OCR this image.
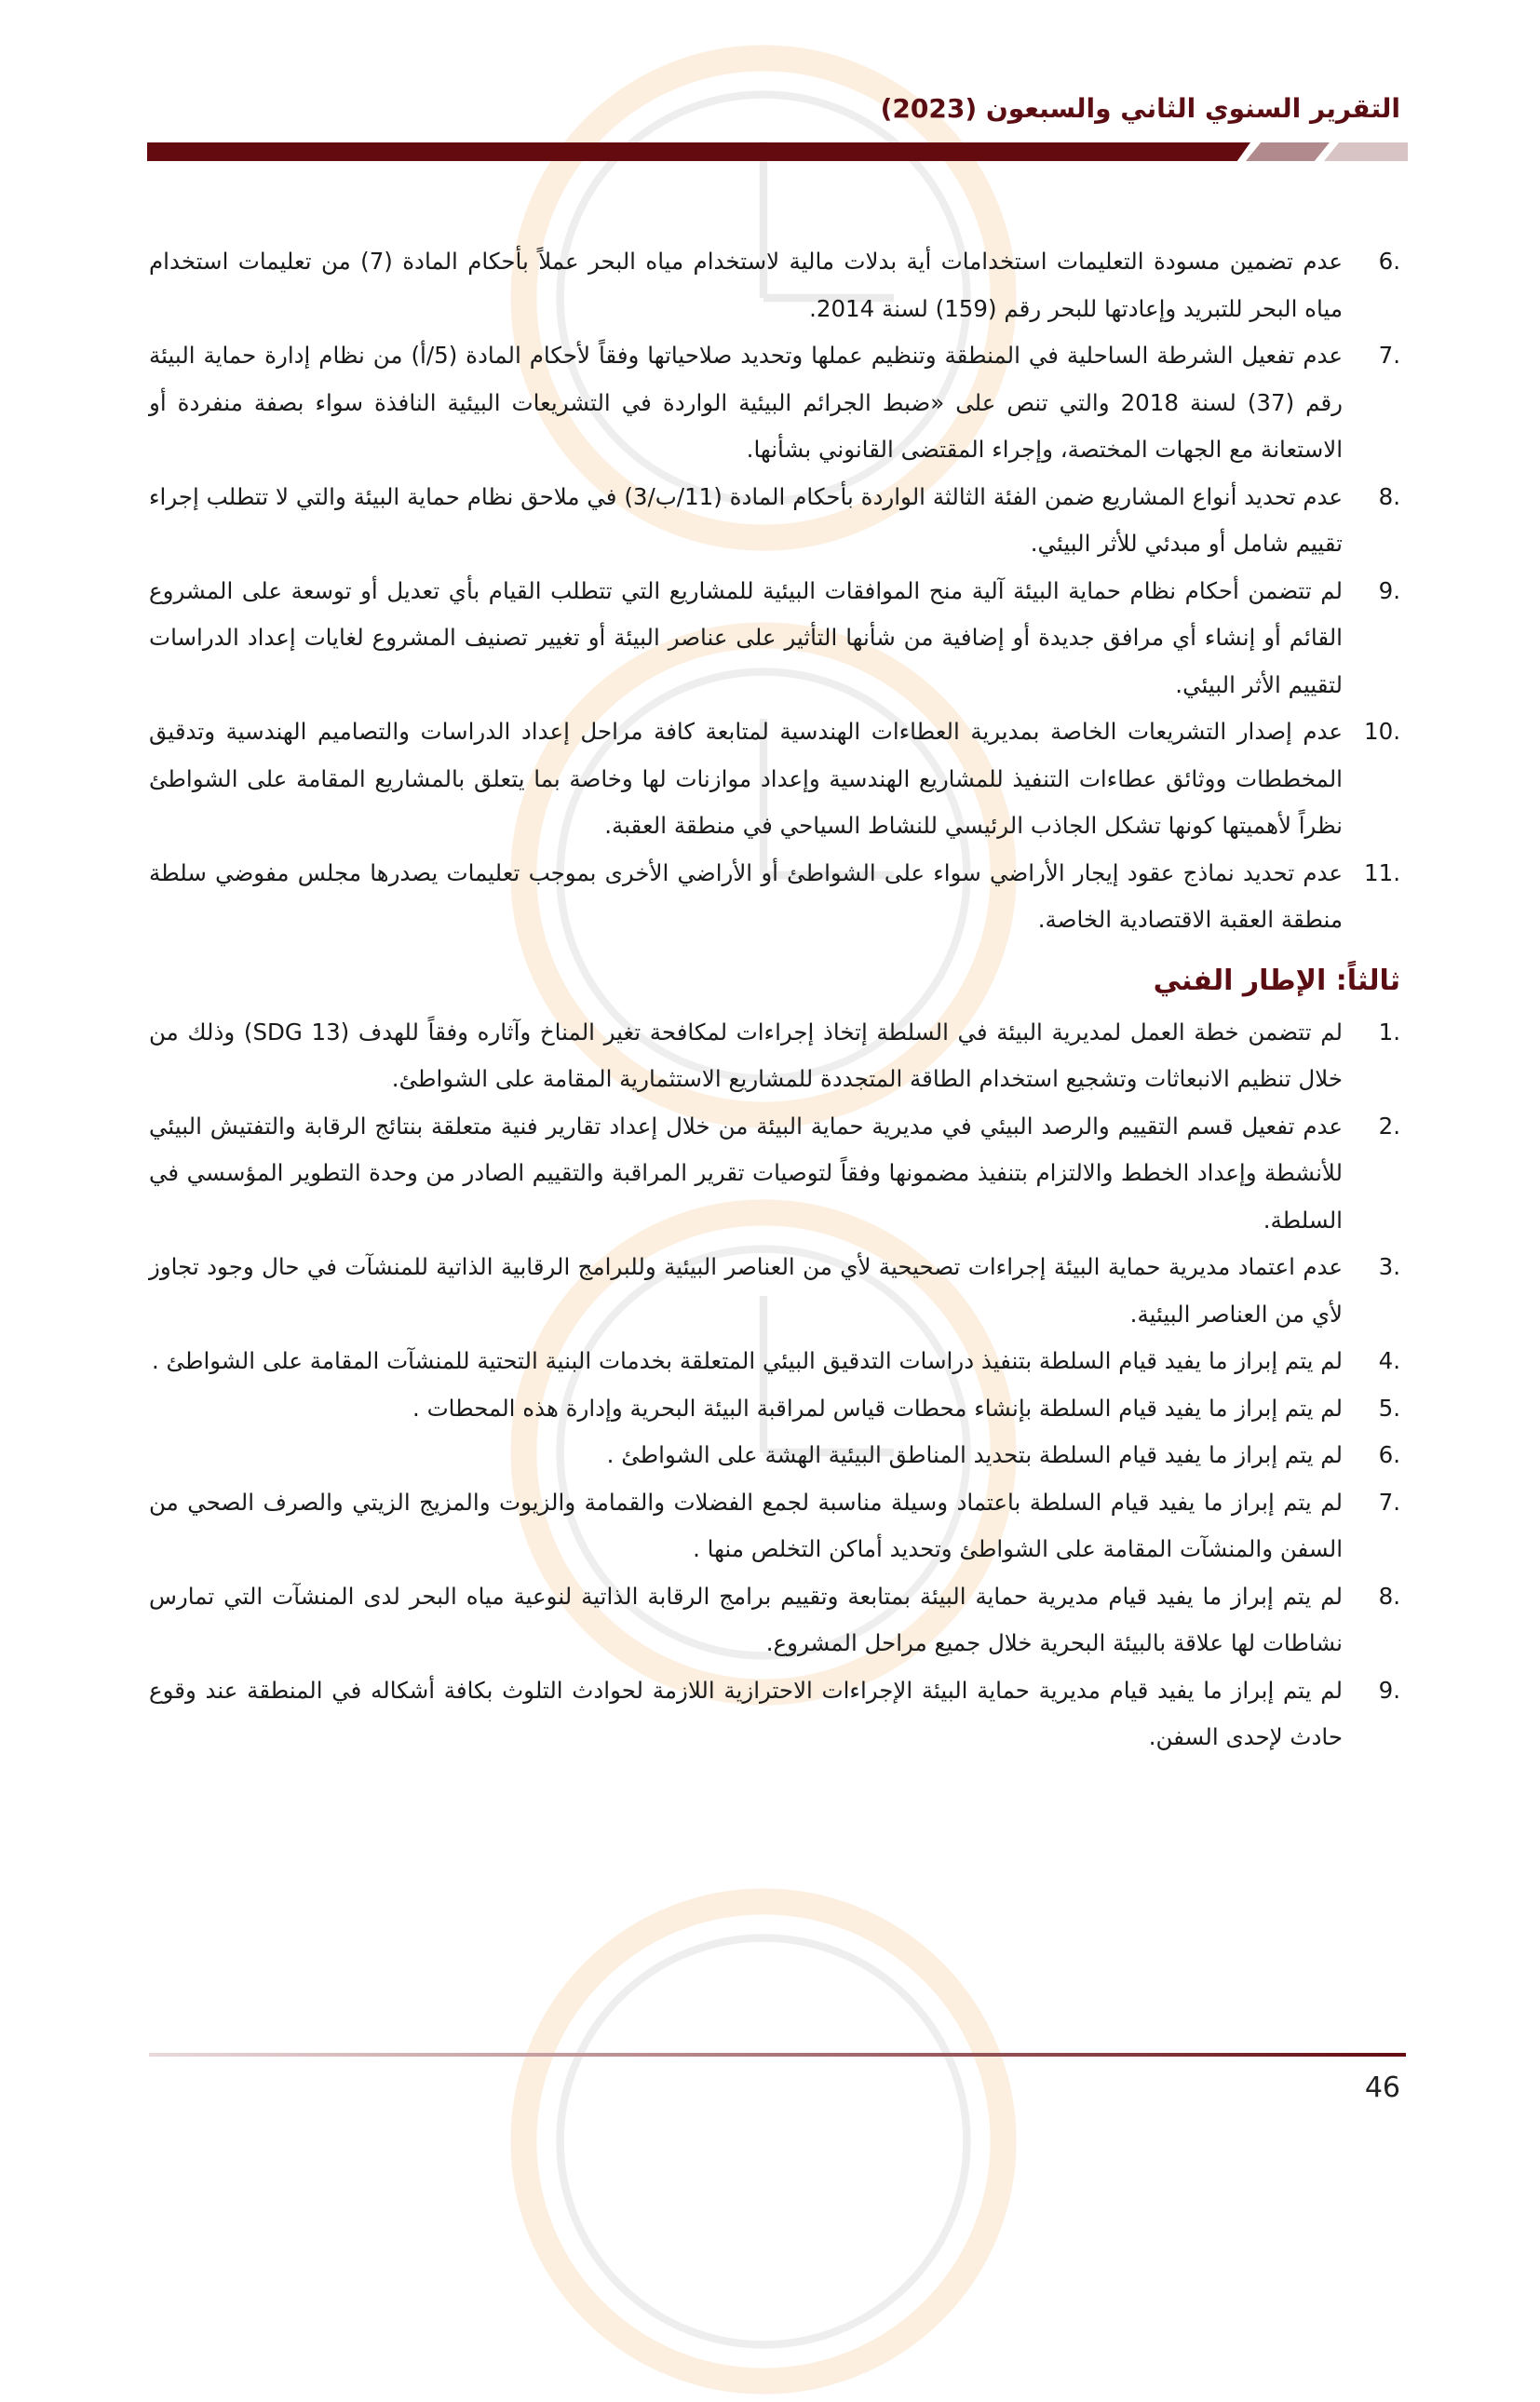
التقرير السنوي الثاني والسبعون (2023)
6.
عدم تضمين مسودة التعليمات استخدامات أية بدلات مالية لاستخدام مياه البحر عملاً بأحكام المادة (7) من تعليمات استخدام مياه البحر للتبريد وإعادتها للبحر رقم (159) لسنة 2014.
7.
عدم تفعيل الشرطة الساحلية في المنطقة وتنظيم عملها وتحديد صلاحياتها وفقاً لأحكام المادة (5/أ) من نظام إدارة حماية البيئة رقم (37) لسنة 2018 والتي تنص على «ضبط الجرائم البيئية الواردة في التشريعات البيئية النافذة سواء بصفة منفردة أو الاستعانة مع الجهات المختصة، وإجراء المقتضى القانوني بشأنها.
8.
عدم تحديد أنواع المشاريع ضمن الفئة الثالثة الواردة بأحكام المادة (11/ب/3) في ملاحق نظام حماية البيئة والتي لا تتطلب إجراء تقييم شامل أو مبدئي للأثر البيئي.
9.
لم تتضمن أحكام نظام حماية البيئة آلية منح الموافقات البيئية للمشاريع التي تتطلب القيام بأي تعديل أو توسعة على المشروع القائم أو إنشاء أي مرافق جديدة أو إضافية من شأنها التأثير على عناصر البيئة أو تغيير تصنيف المشروع لغايات إعداد الدراسات لتقييم الأثر البيئي.
10.
عدم إصدار التشريعات الخاصة بمديرية العطاءات الهندسية لمتابعة كافة مراحل إعداد الدراسات والتصاميم الهندسية وتدقيق المخططات ووثائق عطاءات التنفيذ للمشاريع الهندسية وإعداد موازنات لها وخاصة بما يتعلق بالمشاريع المقامة على الشواطئ نظراً لأهميتها كونها تشكل الجاذب الرئيسي للنشاط السياحي في منطقة العقبة.
11.
عدم تحديد نماذج عقود إيجار الأراضي سواء على الشواطئ أو الأراضي الأخرى بموجب تعليمات يصدرها مجلس مفوضي سلطة منطقة العقبة الاقتصادية الخاصة.
ثالثاً: الإطار الفني
1.
لم تتضمن خطة العمل لمديرية البيئة في السلطة إتخاذ إجراءات لمكافحة تغير المناخ وآثاره وفقاً للهدف (SDG 13) وذلك من خلال تنظيم الانبعاثات وتشجيع استخدام الطاقة المتجددة للمشاريع الاستثمارية المقامة على الشواطئ.
2.
عدم تفعيل قسم التقييم والرصد البيئي في مديرية حماية البيئة من خلال إعداد تقارير فنية متعلقة بنتائج الرقابة والتفتيش البيئي للأنشطة وإعداد الخطط والالتزام بتنفيذ مضمونها وفقاً لتوصيات تقرير المراقبة والتقييم الصادر من وحدة التطوير المؤسسي في السلطة.
3.
عدم اعتماد مديرية حماية البيئة إجراءات تصحيحية لأي من العناصر البيئية وللبرامج الرقابية الذاتية للمنشآت في حال وجود تجاوز لأي من العناصر البيئية.
4.
لم يتم إبراز ما يفيد قيام السلطة بتنفيذ دراسات التدقيق البيئي المتعلقة بخدمات البنية التحتية للمنشآت المقامة على الشواطئ .
5.
لم يتم إبراز ما يفيد قيام السلطة بإنشاء محطات قياس لمراقبة البيئة البحرية وإدارة هذه المحطات .
6.
لم يتم إبراز ما يفيد قيام السلطة بتحديد المناطق البيئية الهشة على الشواطئ .
7.
لم يتم إبراز ما يفيد قيام السلطة باعتماد وسيلة مناسبة لجمع الفضلات والقمامة والزيوت والمزيج الزيتي والصرف الصحي من السفن والمنشآت المقامة على الشواطئ وتحديد أماكن التخلص منها .
8.
لم يتم إبراز ما يفيد قيام مديرية حماية البيئة بمتابعة وتقييم برامج الرقابة الذاتية لنوعية مياه البحر لدى المنشآت التي تمارس نشاطات لها علاقة بالبيئة البحرية خلال جميع مراحل المشروع.
9.
لم يتم إبراز ما يفيد قيام مديرية حماية البيئة الإجراءات الاحترازية اللازمة لحوادث التلوث بكافة أشكاله في المنطقة عند وقوع حادث لإحدى السفن.
46
